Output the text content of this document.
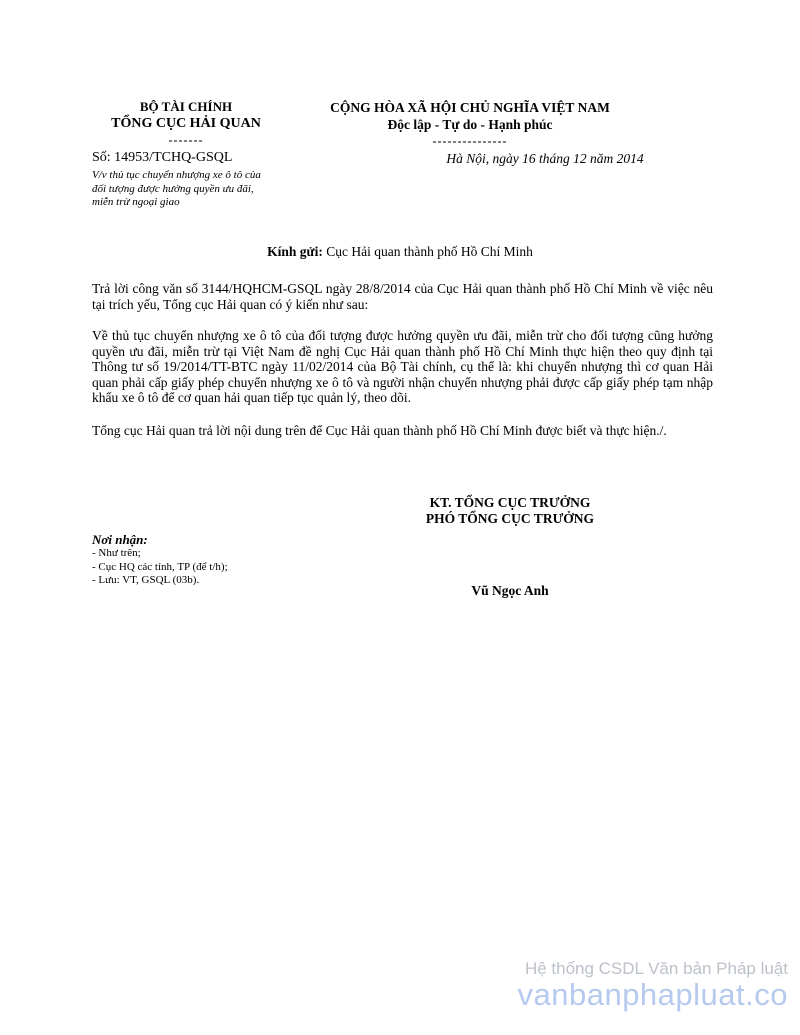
BỘ TÀI CHÍNH
TỔNG CỤC HẢI QUAN
-------
CỘNG HÒA XÃ HỘI CHỦ NGHĨA VIỆT NAM
Độc lập - Tự do - Hạnh phúc
---------------
Số: 14953/TCHQ-GSQL
V/v thủ tục chuyển nhượng xe ô tô của đối tượng được hưởng quyền ưu đãi, miễn trừ ngoại giao
Hà Nội, ngày 16 tháng 12 năm 2014
Kính gửi: Cục Hải quan thành phố Hồ Chí Minh
Trả lời công văn số 3144/HQHCM-GSQL ngày 28/8/2014 của Cục Hải quan thành phố Hồ Chí Minh về việc nêu tại trích yếu, Tổng cục Hải quan có ý kiến như sau:
Về thủ tục chuyển nhượng xe ô tô của đối tượng được hưởng quyền ưu đãi, miễn trừ cho đối tượng cũng hưởng quyền ưu đãi, miễn trừ tại Việt Nam đề nghị Cục Hải quan thành phố Hồ Chí Minh thực hiện theo quy định tại Thông tư số 19/2014/TT-BTC ngày 11/02/2014 của Bộ Tài chính, cụ thể là: khi chuyển nhượng thì cơ quan Hải quan phải cấp giấy phép chuyển nhượng xe ô tô và người nhận chuyển nhượng phải được cấp giấy phép tạm nhập khẩu xe ô tô để cơ quan hải quan tiếp tục quản lý, theo dõi.
Tổng cục Hải quan trả lời nội dung trên để Cục Hải quan thành phố Hồ Chí Minh được biết và thực hiện./.
KT. TỔNG CỤC TRƯỞNG
PHÓ TỔNG CỤC TRƯỞNG
Nơi nhận:
- Như trên;
- Cục HQ các tỉnh, TP (để t/h);
- Lưu: VT, GSQL (03b).
Vũ Ngọc Anh
Hệ thống CSDL Văn bản Pháp luật
vanbanphapluat.co
